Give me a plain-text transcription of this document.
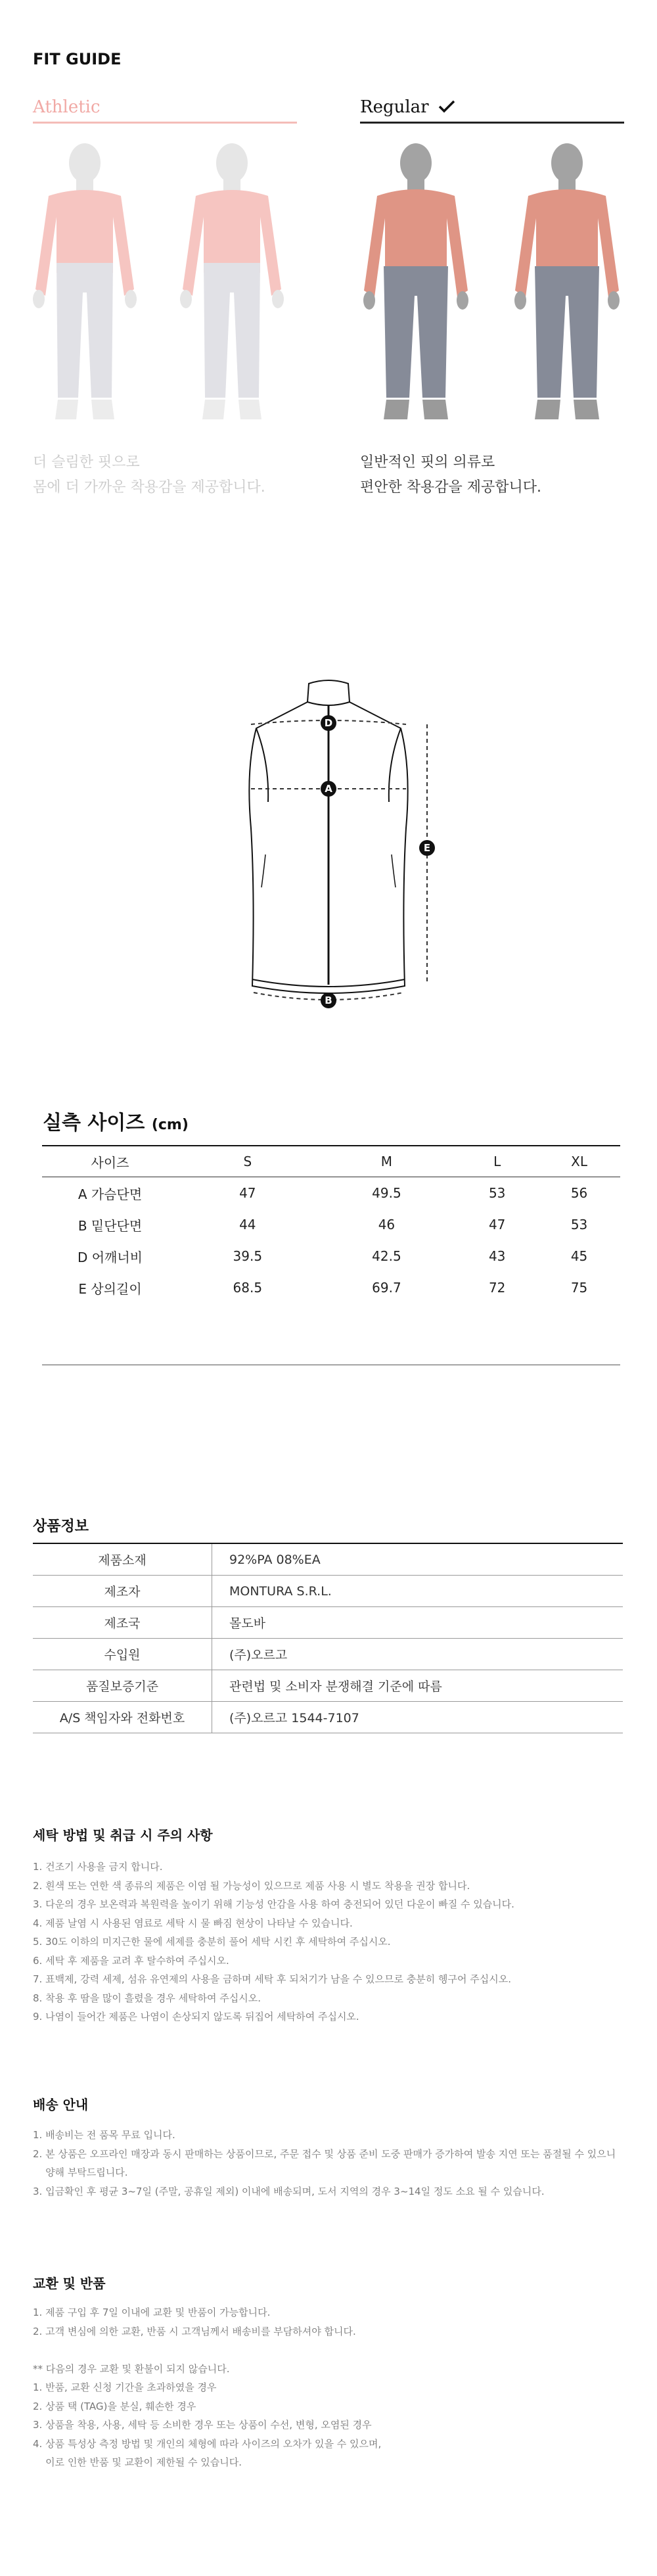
FIT GUIDE
Athletic	Regular
더 슬림한 핏으로
몸에 더 가까운 착용감을 제공합니다.
일반적인 핏의 의류로
편안한 착용감을 제공합니다.
D
A
E
B
실측 사이즈 (cm)
사이즈	S	M	L	XL
A 가슴단면	47	49.5	53	56
B 밑단단면	44	46	47	53
D 어깨너비	39.5	42.5	43	45
E 상의길이	68.5	69.7	72	75
상품정보
제품소재	92%PA 08%EA
제조자	MONTURA S.R.L.
제조국	몰도바
수입원	(주)오르고
품질보증기준	관련법 및 소비자 분쟁해결 기준에 따름
A/S 책임자와 전화번호	(주)오르고 1544-7107
세탁 방법 및 취급 시 주의 사항
1. 건조기 사용을 금지 합니다.
2. 흰색 또는 연한 색 종류의 제품은 이염 될 가능성이 있으므로 제품 사용 시 별도 착용을 권장 합니다.
3. 다운의 경우 보온력과 복원력을 높이기 위해 기능성 안감을 사용 하여 충전되어 있던 다운이 빠질 수 있습니다.
4. 제품 날염 시 사용된 염료로 세탁 시 물 빠짐 현상이 나타날 수 있습니다.
5. 30도 이하의 미지근한 물에 세제를 충분히 풀어 세탁 시킨 후 세탁하여 주십시오.
6. 세탁 후 제품을 교려 후 탈수하여 주십시오.
7. 표백제, 강력 세제, 섬유 유연제의 사용을 금하며 세탁 후 되처기가 남을 수 있으므로 충분히 헹구어 주십시오.
8. 착용 후 땀을 많이 흘렸을 경우 세탁하여 주십시오.
9. 나염이 들어간 제품은 나염이 손상되지 않도록 뒤집어 세탁하여 주십시오.
배송 안내
1. 배송비는 전 품목 무료 입니다.
2. 본 상품은 오프라인 매장과 동시 판매하는 상품이므로, 주문 접수 및 상품 준비 도중 판매가 증가하여 발송 지연 또는 품절될 수 있으니
양해 부탁드립니다.
3. 입금확인 후 평균 3~7일 (주말, 공휴일 제외) 이내에 배송되며, 도서 지역의 경우 3~14일 정도 소요 될 수 있습니다.
교환 및 반품
1. 제품 구입 후 7일 이내에 교환 및 반품이 가능합니다.
2. 고객 변심에 의한 교환, 반품 시 고객님께서 배송비를 부담하셔야 합니다.
** 다음의 경우 교환 및 환불이 되지 않습니다.
1. 반품, 교환 신청 기간을 초과하였을 경우
2. 상품 택 (TAG)을 분실, 훼손한 경우
3. 상품을 착용, 사용, 세탁 등 소비한 경우 또는 상품이 수선, 변형, 오염된 경우
4. 상품 특성상 측정 방법 및 개인의 체형에 따라 사이즈의 오차가 있을 수 있으며,
이로 인한 반품 및 교환이 제한될 수 있습니다.
